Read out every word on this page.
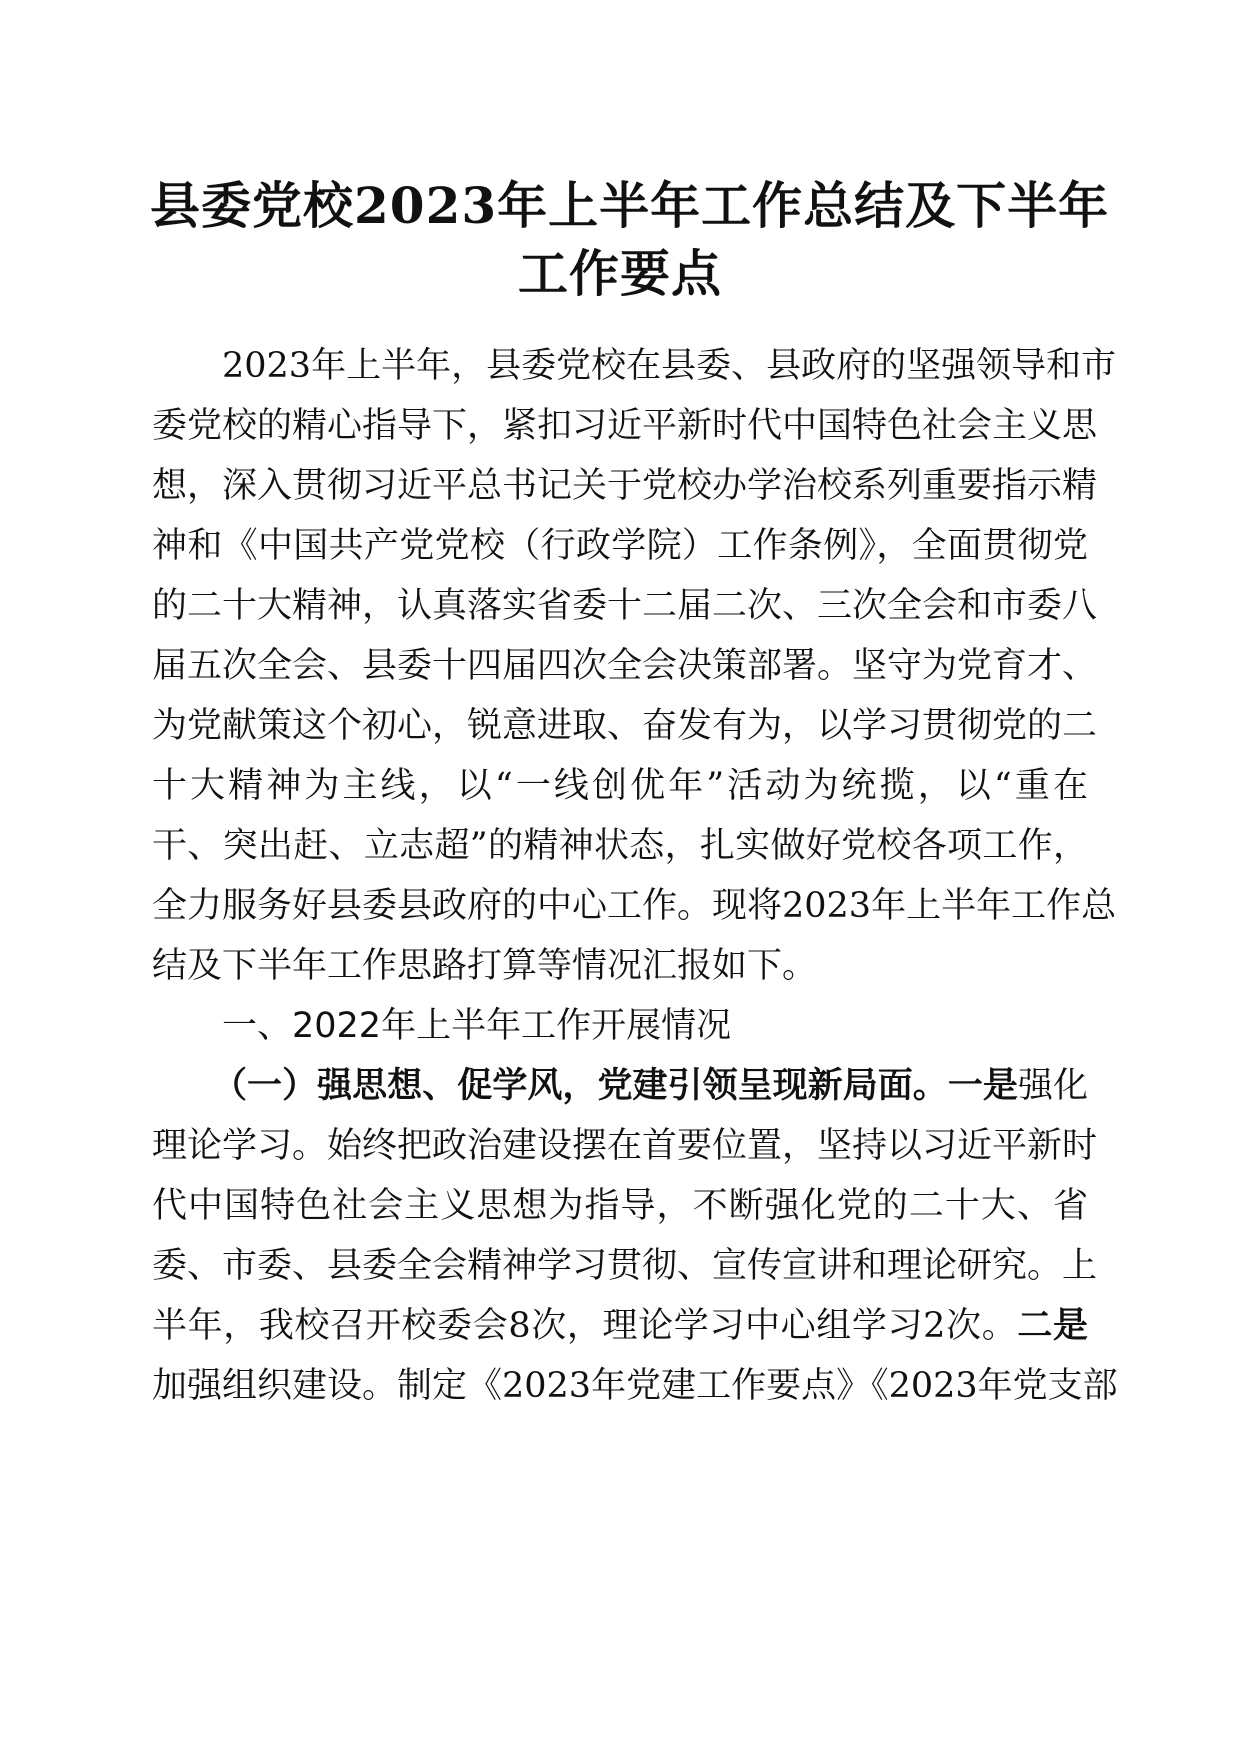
县委党校2023年上半年工作总结及下半年
工作要点
2023年上半年，县委党校在县委、县政府的坚强领导和市
委党校的精心指导下，紧扣习近平新时代中国特色社会主义思
想，深入贯彻习近平总书记关于党校办学治校系列重要指示精
神和《中国共产党党校（行政学院）工作条例》，全面贯彻党
的二十大精神，认真落实省委十二届二次、三次全会和市委八
届五次全会、县委十四届四次全会决策部署。坚守为党育才、
为党献策这个初心，锐意进取、奋发有为，以学习贯彻党的二
十大精神为主线，以“一线创优年”活动为统揽，以“重在
干、突出赶、立志超”的精神状态，扎实做好党校各项工作，
全力服务好县委县政府的中心工作。现将2023年上半年工作总
结及下半年工作思路打算等情况汇报如下。
一、2022年上半年工作开展情况
（一）强思想、促学风，党建引领呈现新局面。一是强化
理论学习。始终把政治建设摆在首要位置，坚持以习近平新时
代中国特色社会主义思想为指导，不断强化党的二十大、省
委、市委、县委全会精神学习贯彻、宣传宣讲和理论研究。上
半年，我校召开校委会8次，理论学习中心组学习2次。二是
加强组织建设。制定《2023年党建工作要点》《2023年党支部
